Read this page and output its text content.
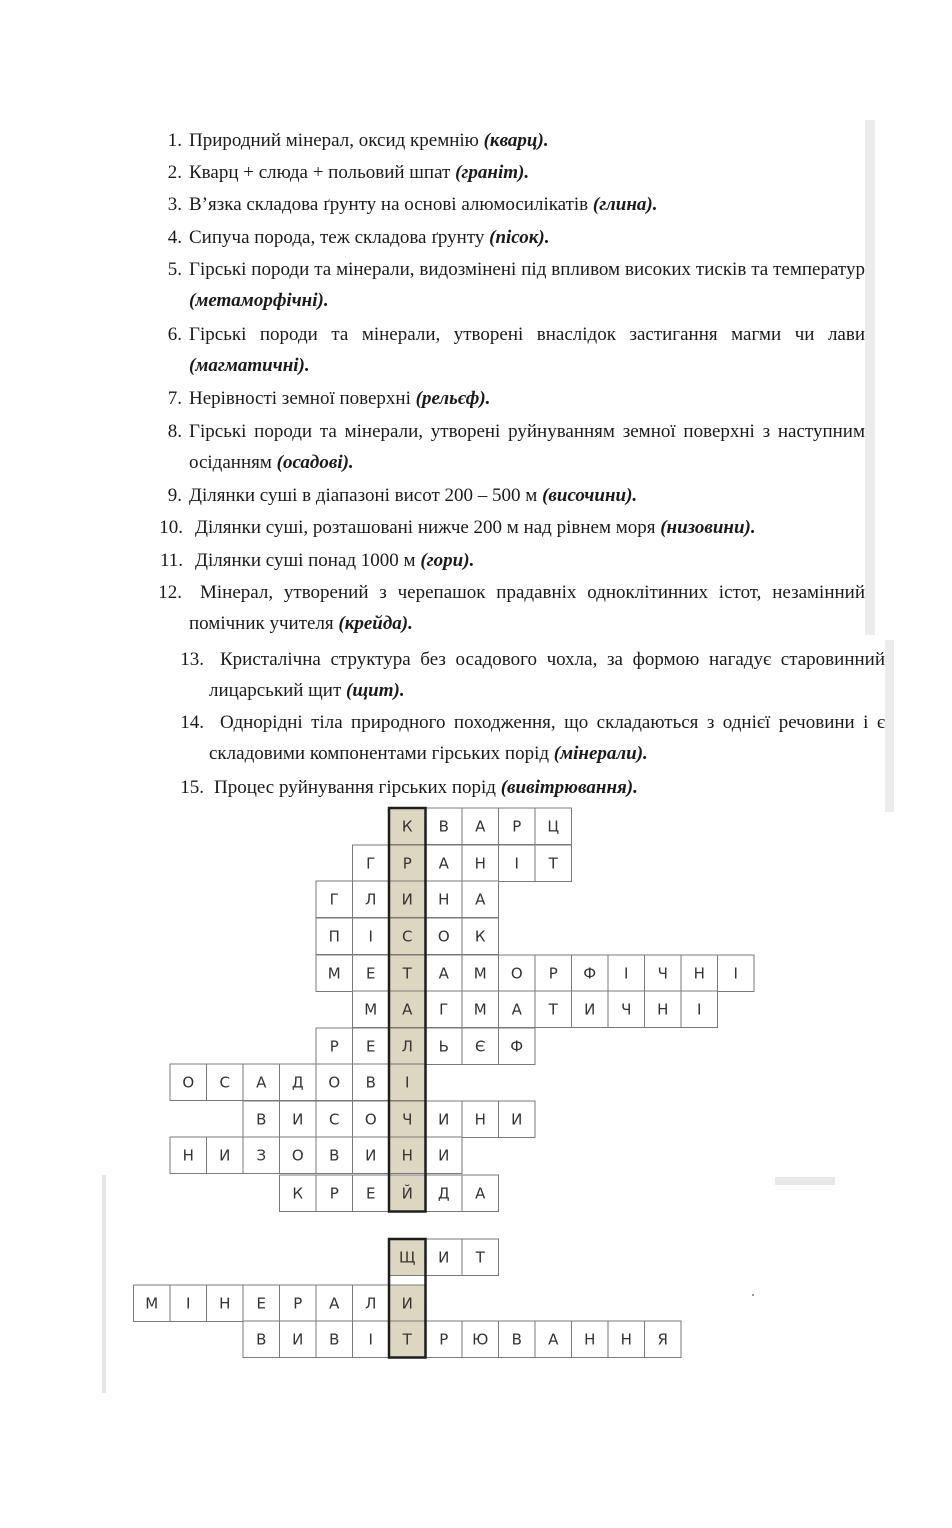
1. Природний мінерал, оксид кремнію (кварц).
2. Кварц + слюда + польовий шпат (граніт).
3. В’язка складова ґрунту на основі алюмосилікатів (глина).
4. Сипуча порода, теж складова ґрунту (пісок).
5. Гірські породи та мінерали, видозмінені під впливом високих тисків та температур (метаморфічні).
6. Гірські породи та мінерали, утворені внаслідок застигання магми чи лави (магматичні).
7. Нерівності земної поверхні (рельєф).
8. Гірські породи та мінерали, утворені руйнуванням земної поверхні з наступним осіданням (осадові).
9. Ділянки суші в діапазоні висот 200 – 500 м (височини).
10. Ділянки суші, розташовані нижче 200 м над рівнем моря (низовини).
11. Ділянки суші понад 1000 м (гори).
12. Мінерал, утворений з черепашок прадавніх одноклітинних істот, незамінний помічник учителя (крейда).
13. Кристалічна структура без осадового чохла, за формою нагадує старовинний лицарський щит (щит).
14. Однорідні тіла природного походження, що складаються з однієї речовини і є складовими компонентами гірських порід (мінерали).
15. Процес руйнування гірських порід (вивітрювання).
К В А Р Ц
Г Р А Н І Т
Г Л И Н А
П І С О К
М Е Т А М О Р Ф І Ч Н І
М А Г М А Т И Ч Н І
Р Е Л Ь Є Ф
О С А Д О В І
В И С О Ч И Н И
Н И З О В И Н И
К Р Е Й Д А
Щ И Т
М І Н Е Р А Л И
В И В І Т Р Ю В А Н Н Я
